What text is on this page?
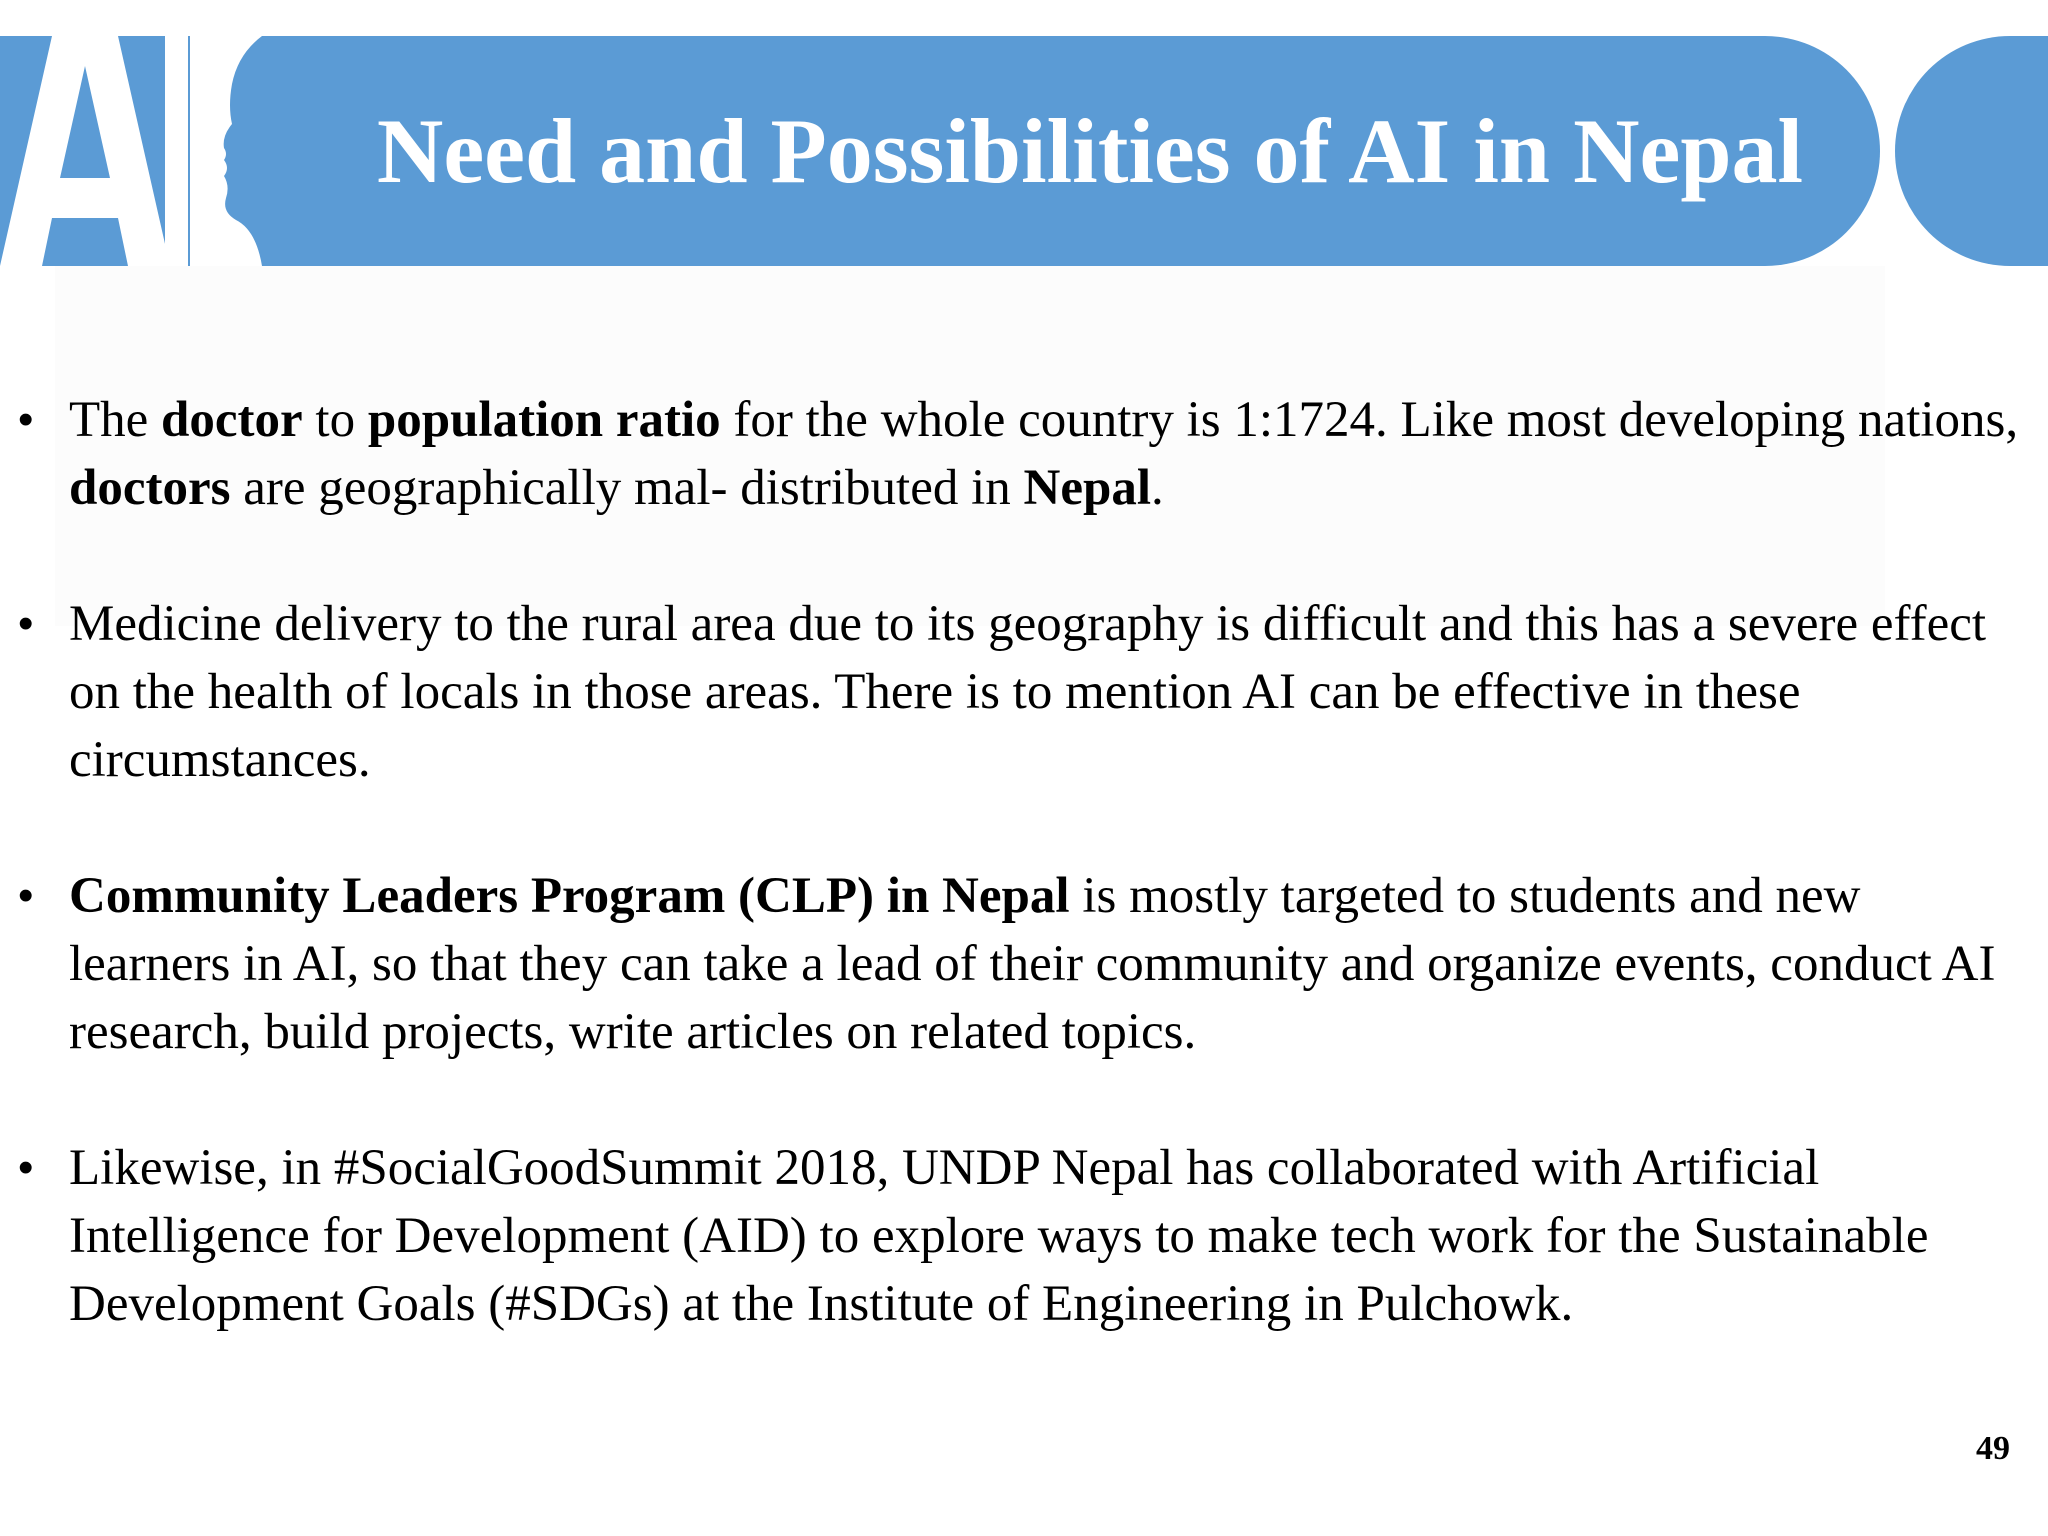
Need and Possibilities of AI in Nepal
• The doctor to population ratio for the whole country is 1:1724. Like most developing nations, doctors are geographically mal- distributed in Nepal.
• Medicine delivery to the rural area due to its geography is difficult and this has a severe effect on the health of locals in those areas. There is to mention AI can be effective in these circumstances.
• Community Leaders Program (CLP) in Nepal is mostly targeted to students and new learners in AI, so that they can take a lead of their community and organize events, conduct AI research, build projects, write articles on related topics.
• Likewise, in #SocialGoodSummit 2018, UNDP Nepal has collaborated with Artificial Intelligence for Development (AID) to explore ways to make tech work for the Sustainable Development Goals (#SDGs) at the Institute of Engineering in Pulchowk.
49
